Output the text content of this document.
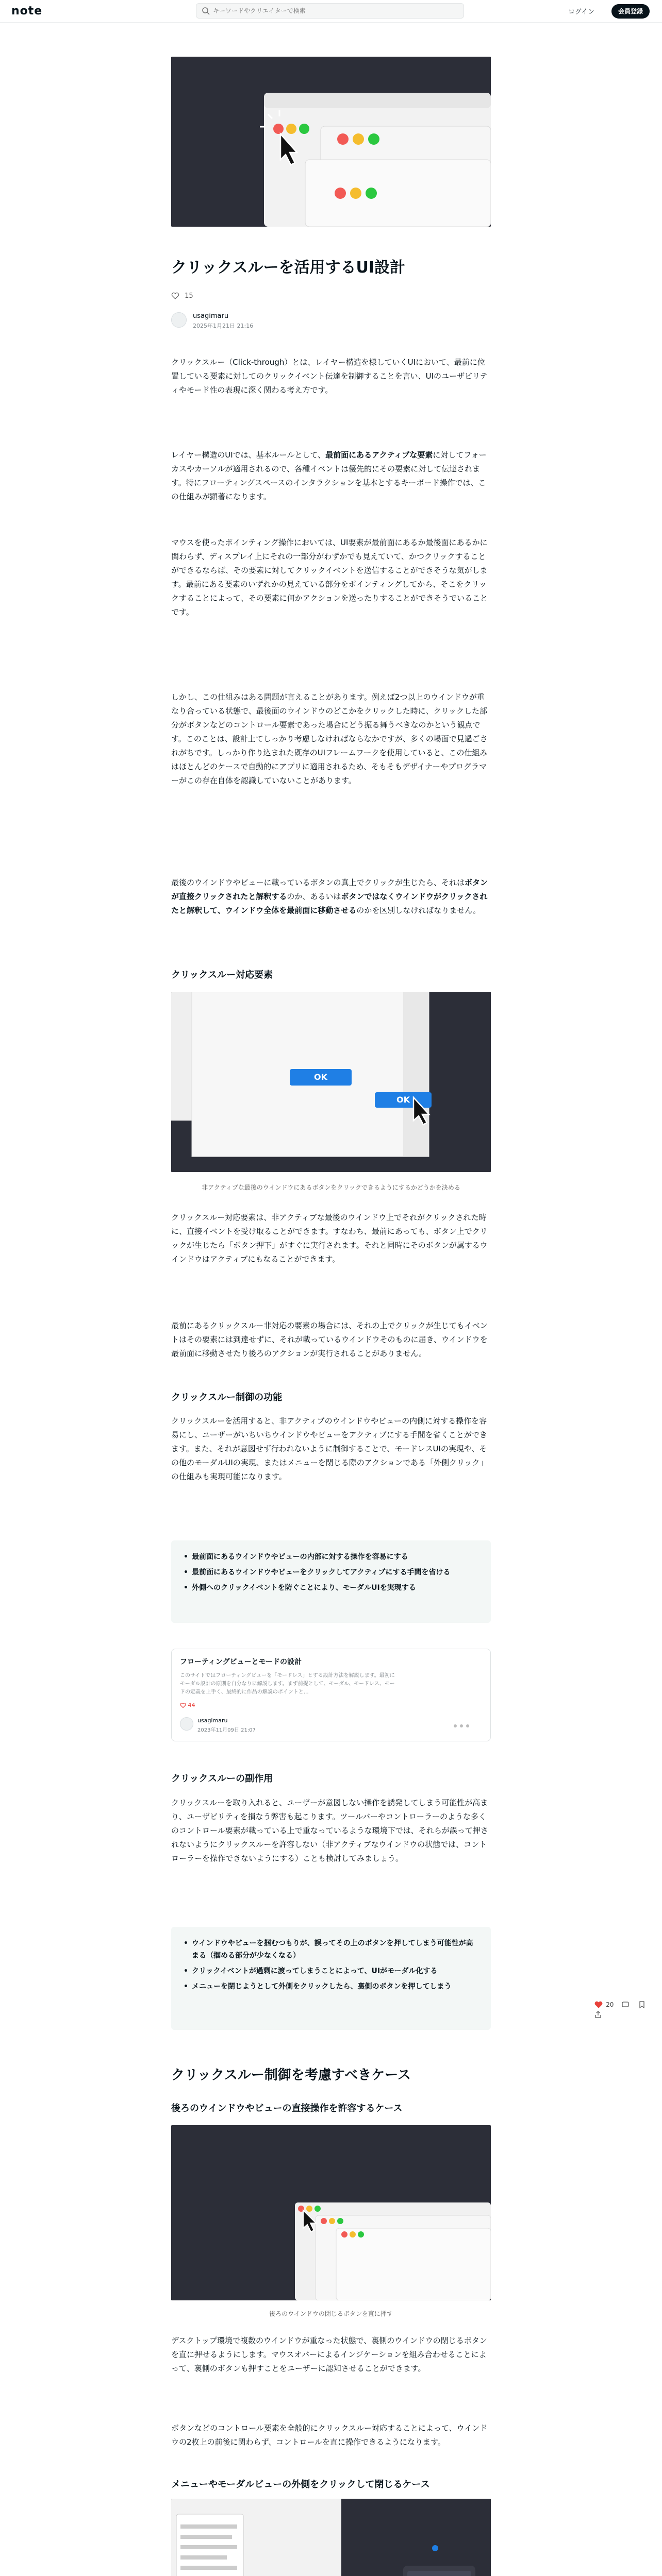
note
キーワードやクリエイターで検索	ログイン	会員登録
クリックスルーを活用するUI設計
15
usagimaru
2025年1月21日 21:16
クリックスルー（Click-through）とは、レイヤー構造を様していくUIにおいて、最前に位置している要素に対してのクリックイベント伝達を制御することを言い、UIのユーザビリティやモード性の表現に深く関わる考え方です。
レイヤー構造のUIでは、基本ルールとして、最前面にあるアクティブな要素に対してフォーカスやカーソルが適用されるので、各種イベントは優先的にその要素に対して伝達されます。特にフローティングスペースのインタラクションを基本とするキーボード操作では、この仕組みが顕著になります。
マウスを使ったポインティング操作においては、UI要素が最前面にあるか最後面にあるかに関わらず、ディスプレイ上にそれの一部分がわずかでも見えていて、かつクリックすることができるならば、その要素に対してクリックイベントを送信することができそうな気がします。最前にある要素のいずれかの見えている部分をポインティングしてから、そこをクリックすることによって、その要素に何かアクションを送ったりすることができそうでいることです。
しかし、この仕組みはある問題が言えることがあります。例えば2つ以上のウインドウが重なり合っている状態で、最後面のウインドウのどこかをクリックした時に、クリックした部分がボタンなどのコントロール要素であった場合にどう振る舞うべきなのかという観点です。このことは、設計上てしっかり考慮しなければならなかですが、多くの場面で見過ごされがちです。しっかり作り込まれた既存のUIフレームワークを使用していると、この仕組みはほとんどのケースで自動的にアプリに適用されるため、そもそもデザイナーやプログラマーがこの存在自体を認識していないことがあります。
最後のウインドウやビューに載っているボタンの真上でクリックが生じたら、それはボタンが直接クリックされたと解釈するのか、あるいはボタンではなくウインドウがクリックされたと解釈して、ウインドウ全体を最前面に移動させるのかを区別しなければなりません。
クリックスルー対応要素
OK
OK
非アクティブな最後のウインドウにあるボタンをクリックできるようにするかどうかを決める
クリックスルー対応要素は、非アクティブな最後のウインドウ上でそれがクリックされた時に、直接イベントを受け取ることができます。すなわち、最前にあっても、ボタン上でクリックが生じたら「ボタン押下」がすぐに実行されます。それと同時にそのボタンが属するウインドウはアクティブにもなることができます。
最前にあるクリックスルー非対応の要素の場合には、それの上でクリックが生じてもイベントはその要素には到達せずに、それが載っているウインドウそのものに届き、ウインドウを最前面に移動させたり後ろのアクションが実行されることがありません。
クリックスルー制御の功能
クリックスルーを活用すると、非アクティブのウインドウやビューの内側に対する操作を容易にし、ユーザーがいちいちウインドウやビューをアクティブにする手間を省くことができます。また、それが意図せず行われないように制御することで、モードレスUIの実現や、その他のモーダルUIの実現、またはメニューを閉じる際のアクションである「外側クリック」の仕組みも実現可能になります。
• 最前面にあるウインドウやビューの内部に対する操作を容易にする
• 最前面にあるウインドウやビューをクリックしてアクティブにする手間を省ける
• 外側へのクリックイベントを防ぐことにより、モーダルUIを実現する
フローティングビューとモードの設計
このサイトではフローティングビューを「モードレス」とする設計方法を解説します。最初にモーダル設計の原則を自分なりに解説します。まず前提として、モーダル、モードレス、モードの定義を上手く、最終的に作品の解説のポイントと…
44
usagimaru
2023年11月09日 21:07
クリックスルーの副作用
クリックスルーを取り入れると、ユーザーが意図しない操作を誘発してしまう可能性が高まり、ユーザビリティを損なう弊害も起こります。ツールバーやコントローラーのような多くのコントロール要素が載っている上で重なっているような環境下では、それらが誤って押されないようにクリックスルーを許容しない（非アクティブなウインドウの状態では、コントローラーを操作できないようにする）ことも検討してみましょう。
• ウインドウやビューを掴むつもりが、誤ってその上のボタンを押してしまう可能性が高まる（掴める部分が少なくなる）
• クリックイベントが過剰に渡ってしまうことによって、UIがモーダル化する
• メニューを閉じようとして外側をクリックしたら、裏側のボタンを押してしまう
クリックスルー制御を考慮すべきケース
後ろのウインドウやビューの直接操作を許容するケース
後ろのウインドウの閉じるボタンを直に押す
デスクトップ環境で複数のウインドウが重なった状態で、裏側のウインドウの閉じるボタンを直に押せるようにします。マウスオバーによるインジケーションを組み合わせることによって、裏側のボタンも押すことをユーザーに認知させることができます。
ボタンなどのコントロール要素を全般的にクリックスルー対応することによって、ウインドウの2枚上の前後に関わらず、コントロールを直に操作できるようになります。
メニューやモーダルビューの外側をクリックして閉じるケース
20
